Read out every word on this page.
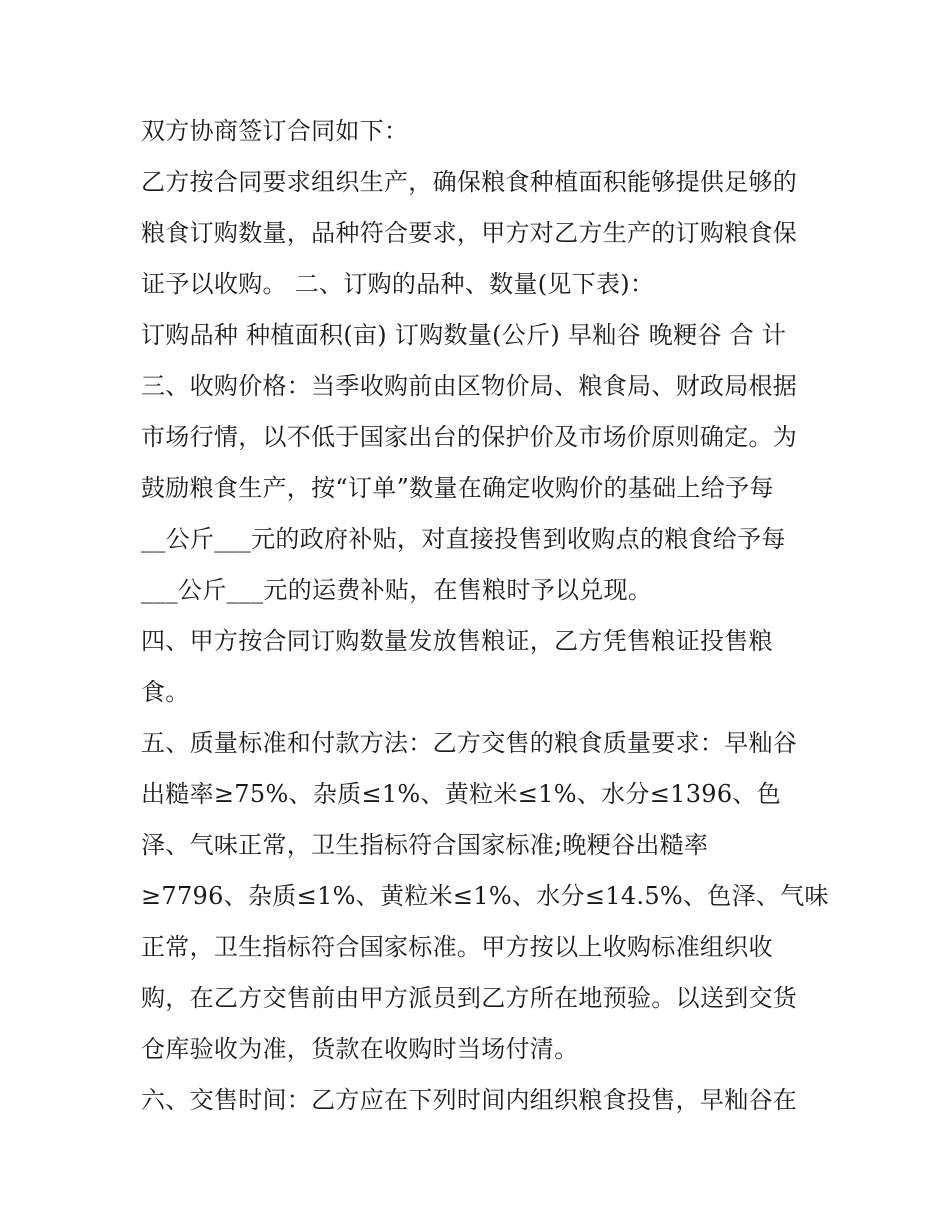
双方协商签订合同如下：

乙方按合同要求组织生产，确保粮食种植面积能够提供足够的

粮食订购数量，品种符合要求，甲方对乙方生产的订购粮食保

证予以收购。 二、订购的品种、数量(见下表)：

订购品种 种植面积(亩) 订购数量(公斤) 早籼谷 晚粳谷 合 计

三、收购价格：当季收购前由区物价局、粮食局、财政局根据

市场行情，以不低于国家出台的保护价及市场价原则确定。为

鼓励粮食生产，按“订单”数量在确定收购价的基础上给予每

__公斤___元的政府补贴，对直接投售到收购点的粮食给予每

___公斤___元的运费补贴，在售粮时予以兑现。

四、甲方按合同订购数量发放售粮证，乙方凭售粮证投售粮

食。

五、质量标准和付款方法：乙方交售的粮食质量要求：早籼谷

出糙率≥75%、杂质≤1%、黄粒米≤1%、水分≤1396、色

泽、气味正常，卫生指标符合国家标准;晚粳谷出糙率

≥7796、杂质≤1%、黄粒米≤1%、水分≤14.5%、色泽、气味

正常，卫生指标符合国家标准。甲方按以上收购标准组织收

购，在乙方交售前由甲方派员到乙方所在地预验。以送到交货

仓库验收为准，货款在收购时当场付清。

六、交售时间：乙方应在下列时间内组织粮食投售，早籼谷在
